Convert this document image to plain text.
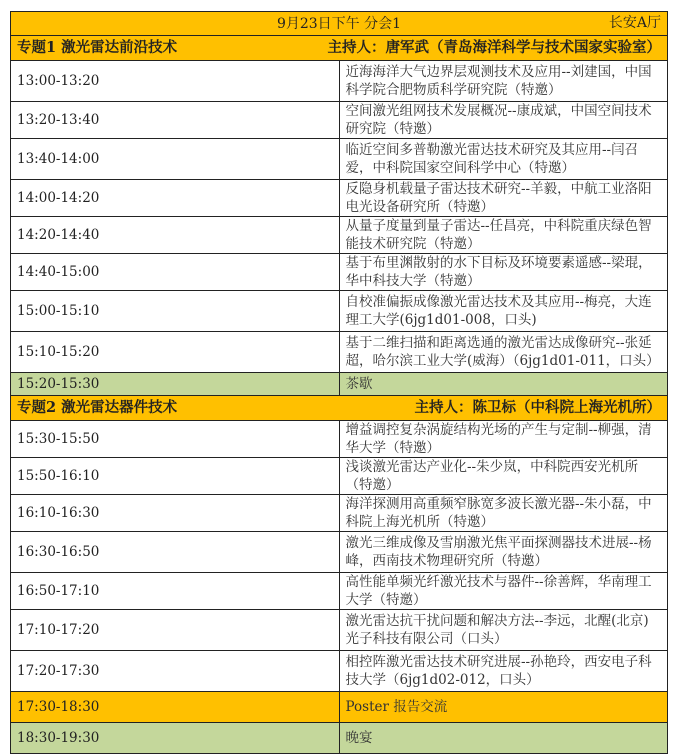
9月23日下午 分会1 长安A厅	

专题1 激光雷达前沿技术 主持人：唐军武（青岛海洋科学与技术国家实验室）	

13:00-13:20	近海海洋大气边界层观测技术及应用--刘建国，中国科学院合肥物质科学研究院（特邀）
13:20-13:40	空间激光组网技术发展概况--康成斌，中国空间技术研究院（特邀）
13:40-14:00	临近空间多普勒激光雷达技术研究及其应用--闫召爱，中科院国家空间科学中心（特邀）
14:00-14:20	反隐身机载量子雷达技术研究--羊毅，中航工业洛阳电光设备研究所（特邀）
14:20-14:40	从量子度量到量子雷达--任昌亮，中科院重庆绿色智能技术研究院（特邀）
14:40-15:00	基于布里渊散射的水下目标及环境要素遥感--梁琨，华中科技大学（特邀）
15:00-15:10	自校准偏振成像激光雷达技术及其应用--梅亮，大连理工大学(6jg1d01-008，口头)
15:10-15:20	基于二维扫描和距离选通的激光雷达成像研究--张延超，哈尔滨工业大学(威海）（6jg1d01-011，口头）
15:20-15:30	茶歇

专题2 激光雷达器件技术 主持人：陈卫标（中科院上海光机所）	

15:30-15:50	增益调控复杂涡旋结构光场的产生与定制--柳强，清华大学（特邀）
15:50-16:10	浅谈激光雷达产业化--朱少岚，中科院西安光机所（特邀）
16:10-16:30	海洋探测用高重频窄脉宽多波长激光器--朱小磊，中科院上海光机所（特邀）
16:30-16:50	激光三维成像及雪崩激光焦平面探测器技术进展--杨峰，西南技术物理研究所（特邀）
16:50-17:10	高性能单频光纤激光技术与器件--徐善辉，华南理工大学（特邀）
17:10-17:20	激光雷达抗干扰问题和解决方法--李远，北醒(北京)光子科技有限公司（口头）
17:20-17:30	相控阵激光雷达技术研究进展--孙艳玲，西安电子科技大学（6jg1d02-012，口头）
17:30-18:30	Poster 报告交流
18:30-19:30	晚宴
